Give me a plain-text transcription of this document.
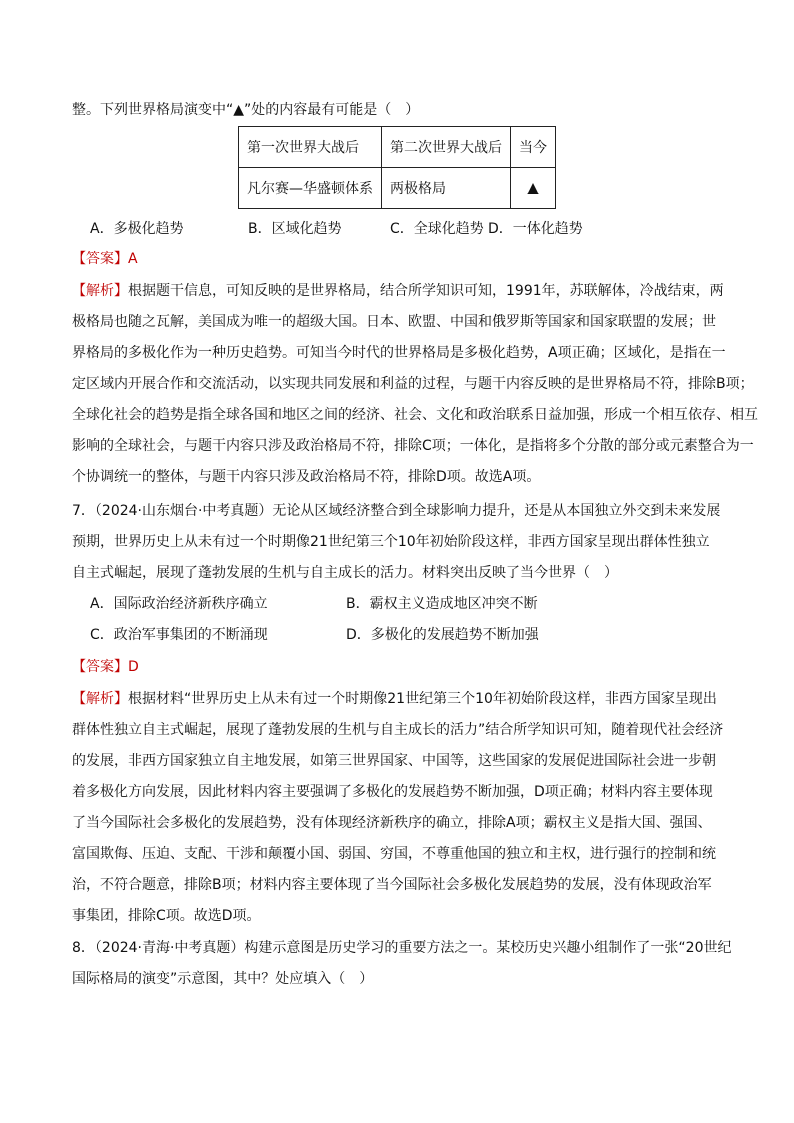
整。下列世界格局演变中“▲”处的内容最有可能是（　）

第一次世界大战后	第二次世界大战后	当今
凡尔赛—华盛顿体系	两极格局	▲
A．多极化趋势	B．区域化趋势	C．全球化趋势 D．一体化趋势

【答案】A

【解析】根据题干信息，可知反映的是世界格局，结合所学知识可知，1991年，苏联解体，冷战结束，两
极格局也随之瓦解，美国成为唯一的超级大国。日本、欧盟、中国和俄罗斯等国家和国家联盟的发展；世
界格局的多极化作为一种历史趋势。可知当今时代的世界格局是多极化趋势，A项正确；区域化，是指在一
定区域内开展合作和交流活动，以实现共同发展和利益的过程，与题干内容反映的是世界格局不符，排除B项；
全球化社会的趋势是指全球各国和地区之间的经济、社会、文化和政治联系日益加强，形成一个相互依存、相互
影响的全球社会，与题干内容只涉及政治格局不符，排除C项；一体化，是指将多个分散的部分或元素整合为一
个协调统一的整体，与题干内容只涉及政治格局不符，排除D项。故选A项。

7．（2024·山东烟台·中考真题）无论从区域经济整合到全球影响力提升，还是从本国独立外交到未来发展
预期，世界历史上从未有过一个时期像21世纪第三个10年初始阶段这样，非西方国家呈现出群体性独立
自主式崛起，展现了蓬勃发展的生机与自主成长的活力。材料突出反映了当今世界（　）

A．国际政治经济新秩序确立	B．霸权主义造成地区冲突不断
C．政治军事集团的不断涌现	D．多极化的发展趋势不断加强

【答案】D

【解析】根据材料“世界历史上从未有过一个时期像21世纪第三个10年初始阶段这样，非西方国家呈现出
群体性独立自主式崛起，展现了蓬勃发展的生机与自主成长的活力”结合所学知识可知，随着现代社会经济
的发展，非西方国家独立自主地发展，如第三世界国家、中国等，这些国家的发展促进国际社会进一步朝
着多极化方向发展，因此材料内容主要强调了多极化的发展趋势不断加强，D项正确；材料内容主要体现
了当今国际社会多极化的发展趋势，没有体现经济新秩序的确立，排除A项；霸权主义是指大国、强国、
富国欺侮、压迫、支配、干涉和颠覆小国、弱国、穷国，不尊重他国的独立和主权，进行强行的控制和统
治，不符合题意，排除B项；材料内容主要体现了当今国际社会多极化发展趋势的发展，没有体现政治军
事集团，排除C项。故选D项。

8．（2024·青海·中考真题）构建示意图是历史学习的重要方法之一。某校历史兴趣小组制作了一张“20世纪
国际格局的演变”示意图，其中？处应填入（　）
